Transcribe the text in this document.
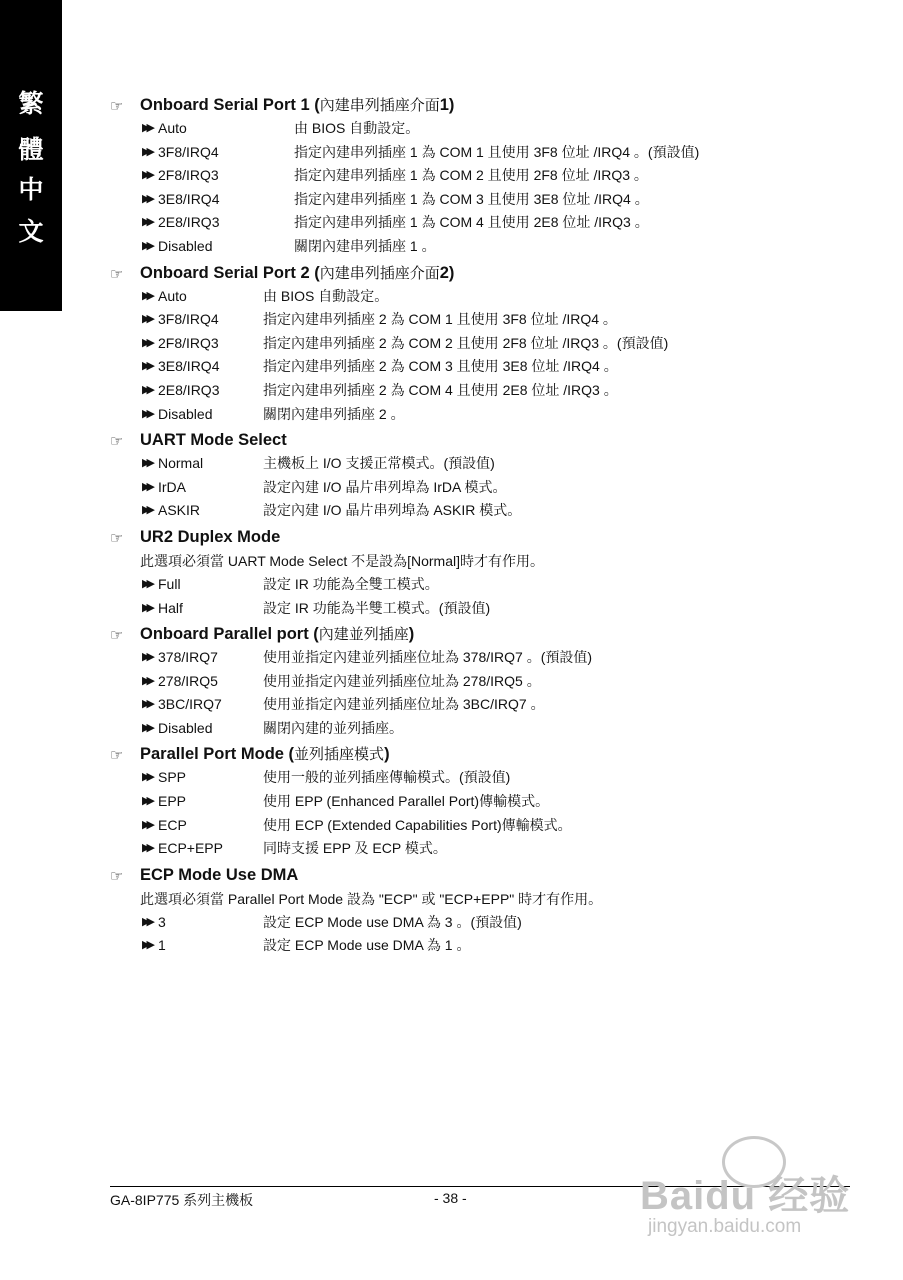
繁
體
中
文
☞ Onboard Serial Port 1 (內建串列插座介面1)
▶▶ Auto	由 BIOS 自動設定。
▶▶ 3F8/IRQ4	指定內建串列插座 1 為 COM 1 且使用 3F8 位址 /IRQ4 。(預設值)
▶▶ 2F8/IRQ3	指定內建串列插座 1 為 COM 2 且使用 2F8 位址 /IRQ3 。
▶▶ 3E8/IRQ4	指定內建串列插座 1 為 COM 3 且使用 3E8 位址 /IRQ4 。
▶▶ 2E8/IRQ3	指定內建串列插座 1 為 COM 4 且使用 2E8 位址 /IRQ3 。
▶▶ Disabled	關閉內建串列插座 1 。
☞ Onboard Serial Port 2 (內建串列插座介面2)
▶▶ Auto	由 BIOS 自動設定。
▶▶ 3F8/IRQ4	指定內建串列插座 2 為 COM 1 且使用 3F8 位址 /IRQ4 。
▶▶ 2F8/IRQ3	指定內建串列插座 2 為 COM 2 且使用 2F8 位址 /IRQ3 。(預設值)
▶▶ 3E8/IRQ4	指定內建串列插座 2 為 COM 3 且使用 3E8 位址 /IRQ4 。
▶▶ 2E8/IRQ3	指定內建串列插座 2 為 COM 4 且使用 2E8 位址 /IRQ3 。
▶▶ Disabled	關閉內建串列插座 2 。
☞ UART Mode Select
▶▶ Normal	主機板上 I/O 支援正常模式。(預設值)
▶▶ IrDA	設定內建 I/O 晶片串列埠為 IrDA 模式。
▶▶ ASKIR	設定內建 I/O 晶片串列埠為 ASKIR 模式。
☞ UR2 Duplex Mode
此選項必須當 UART Mode Select 不是設為[Normal]時才有作用。
▶▶ Full	設定 IR 功能為全雙工模式。
▶▶ Half	設定 IR 功能為半雙工模式。(預設值)
☞ Onboard Parallel port (內建並列插座)
▶▶ 378/IRQ7	使用並指定內建並列插座位址為 378/IRQ7 。(預設值)
▶▶ 278/IRQ5	使用並指定內建並列插座位址為 278/IRQ5 。
▶▶ 3BC/IRQ7	使用並指定內建並列插座位址為 3BC/IRQ7 。
▶▶ Disabled	關閉內建的並列插座。
☞ Parallel Port Mode (並列插座模式)
▶▶ SPP	使用一般的並列插座傳輸模式。(預設值)
▶▶ EPP	使用 EPP (Enhanced Parallel Port)傳輸模式。
▶▶ ECP	使用 ECP (Extended Capabilities Port)傳輸模式。
▶▶ ECP+EPP	同時支援 EPP 及 ECP 模式。
☞ ECP Mode Use DMA
此選項必須當 Parallel Port Mode 設為 "ECP" 或 "ECP+EPP" 時才有作用。
▶▶ 3	設定 ECP Mode use DMA 為 3 。(預設值)
▶▶ 1	設定 ECP Mode use DMA 為 1 。
GA-8IP775 系列主機板	- 38 -	Baidu 经验
jingyan.baidu.com
